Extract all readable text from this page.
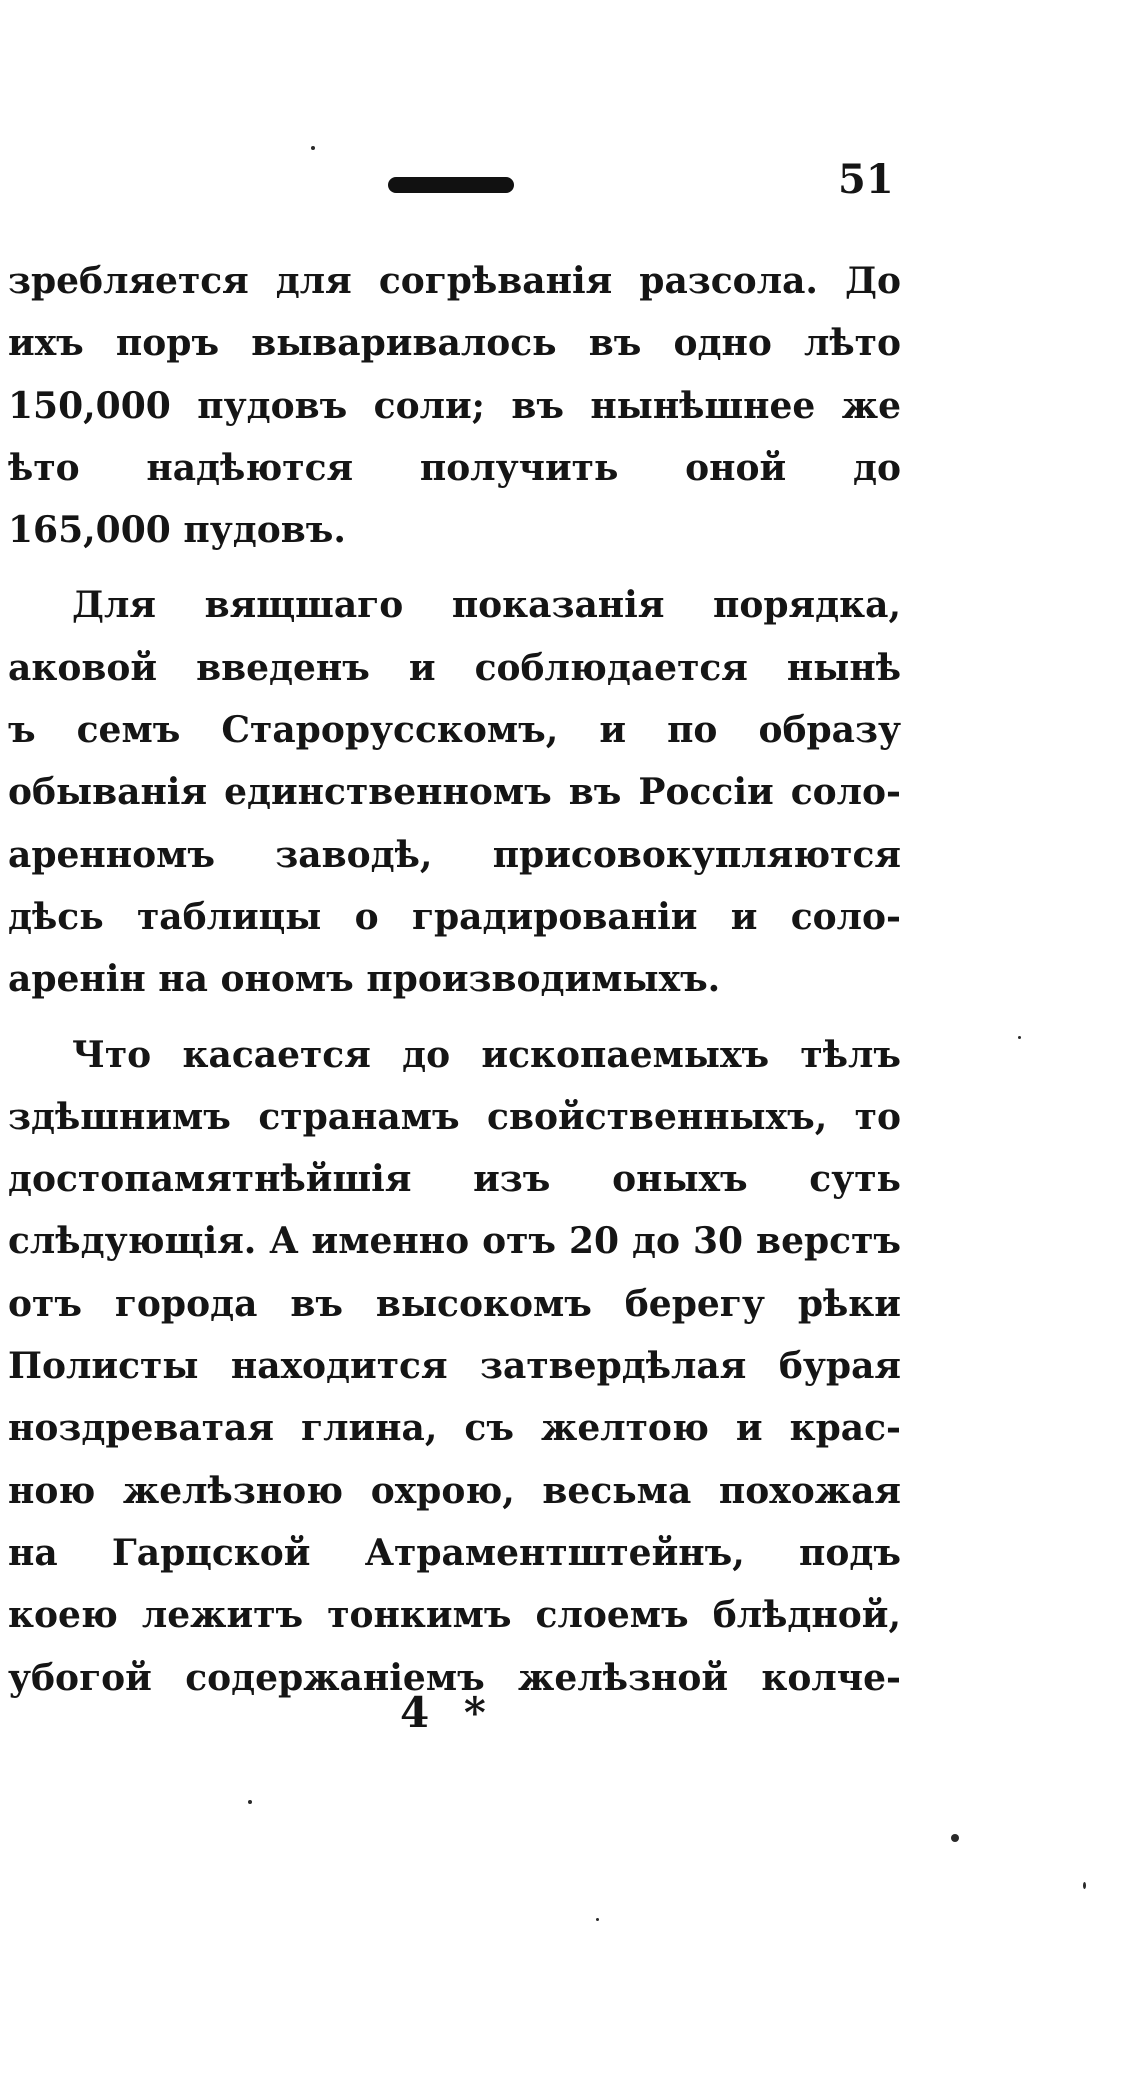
51
зребляется для согрѣванія разсола. До
ихъ поръ вываривалось въ одно лѣто
150,000 пудовъ соли; въ нынѣшнее же
ѣто надѣются получить оной до
165,000 пудовъ.
Для вящшаго показанія порядка,
аковой введенъ и соблюдается нынѣ
ъ семъ Старорусскомъ, и по образу
обыванія единственномъ въ Россіи соло-
аренномъ заводѣ, присовокупляются
дѣсь таблицы о градированіи и соло-
аренін на ономъ производимыхъ.
Что касается до ископаемыхъ тѣлъ
здѣшнимъ странамъ свойственныхъ, то
достопамятнѣйшія изъ оныхъ суть
слѣдующія. А именно отъ 20 до 30 верстъ
отъ города въ высокомъ берегу рѣки
Полисты находится затвердѣлая бурая
ноздреватая глина, съ желтою и крас-
ною желѣзною охрою, весьма похожая
на Гарцской Атраментштейнъ, подъ
коею лежитъ тонкимъ слоемъ блѣдной,
убогой содержаніемъ желѣзной колче-
4 *
